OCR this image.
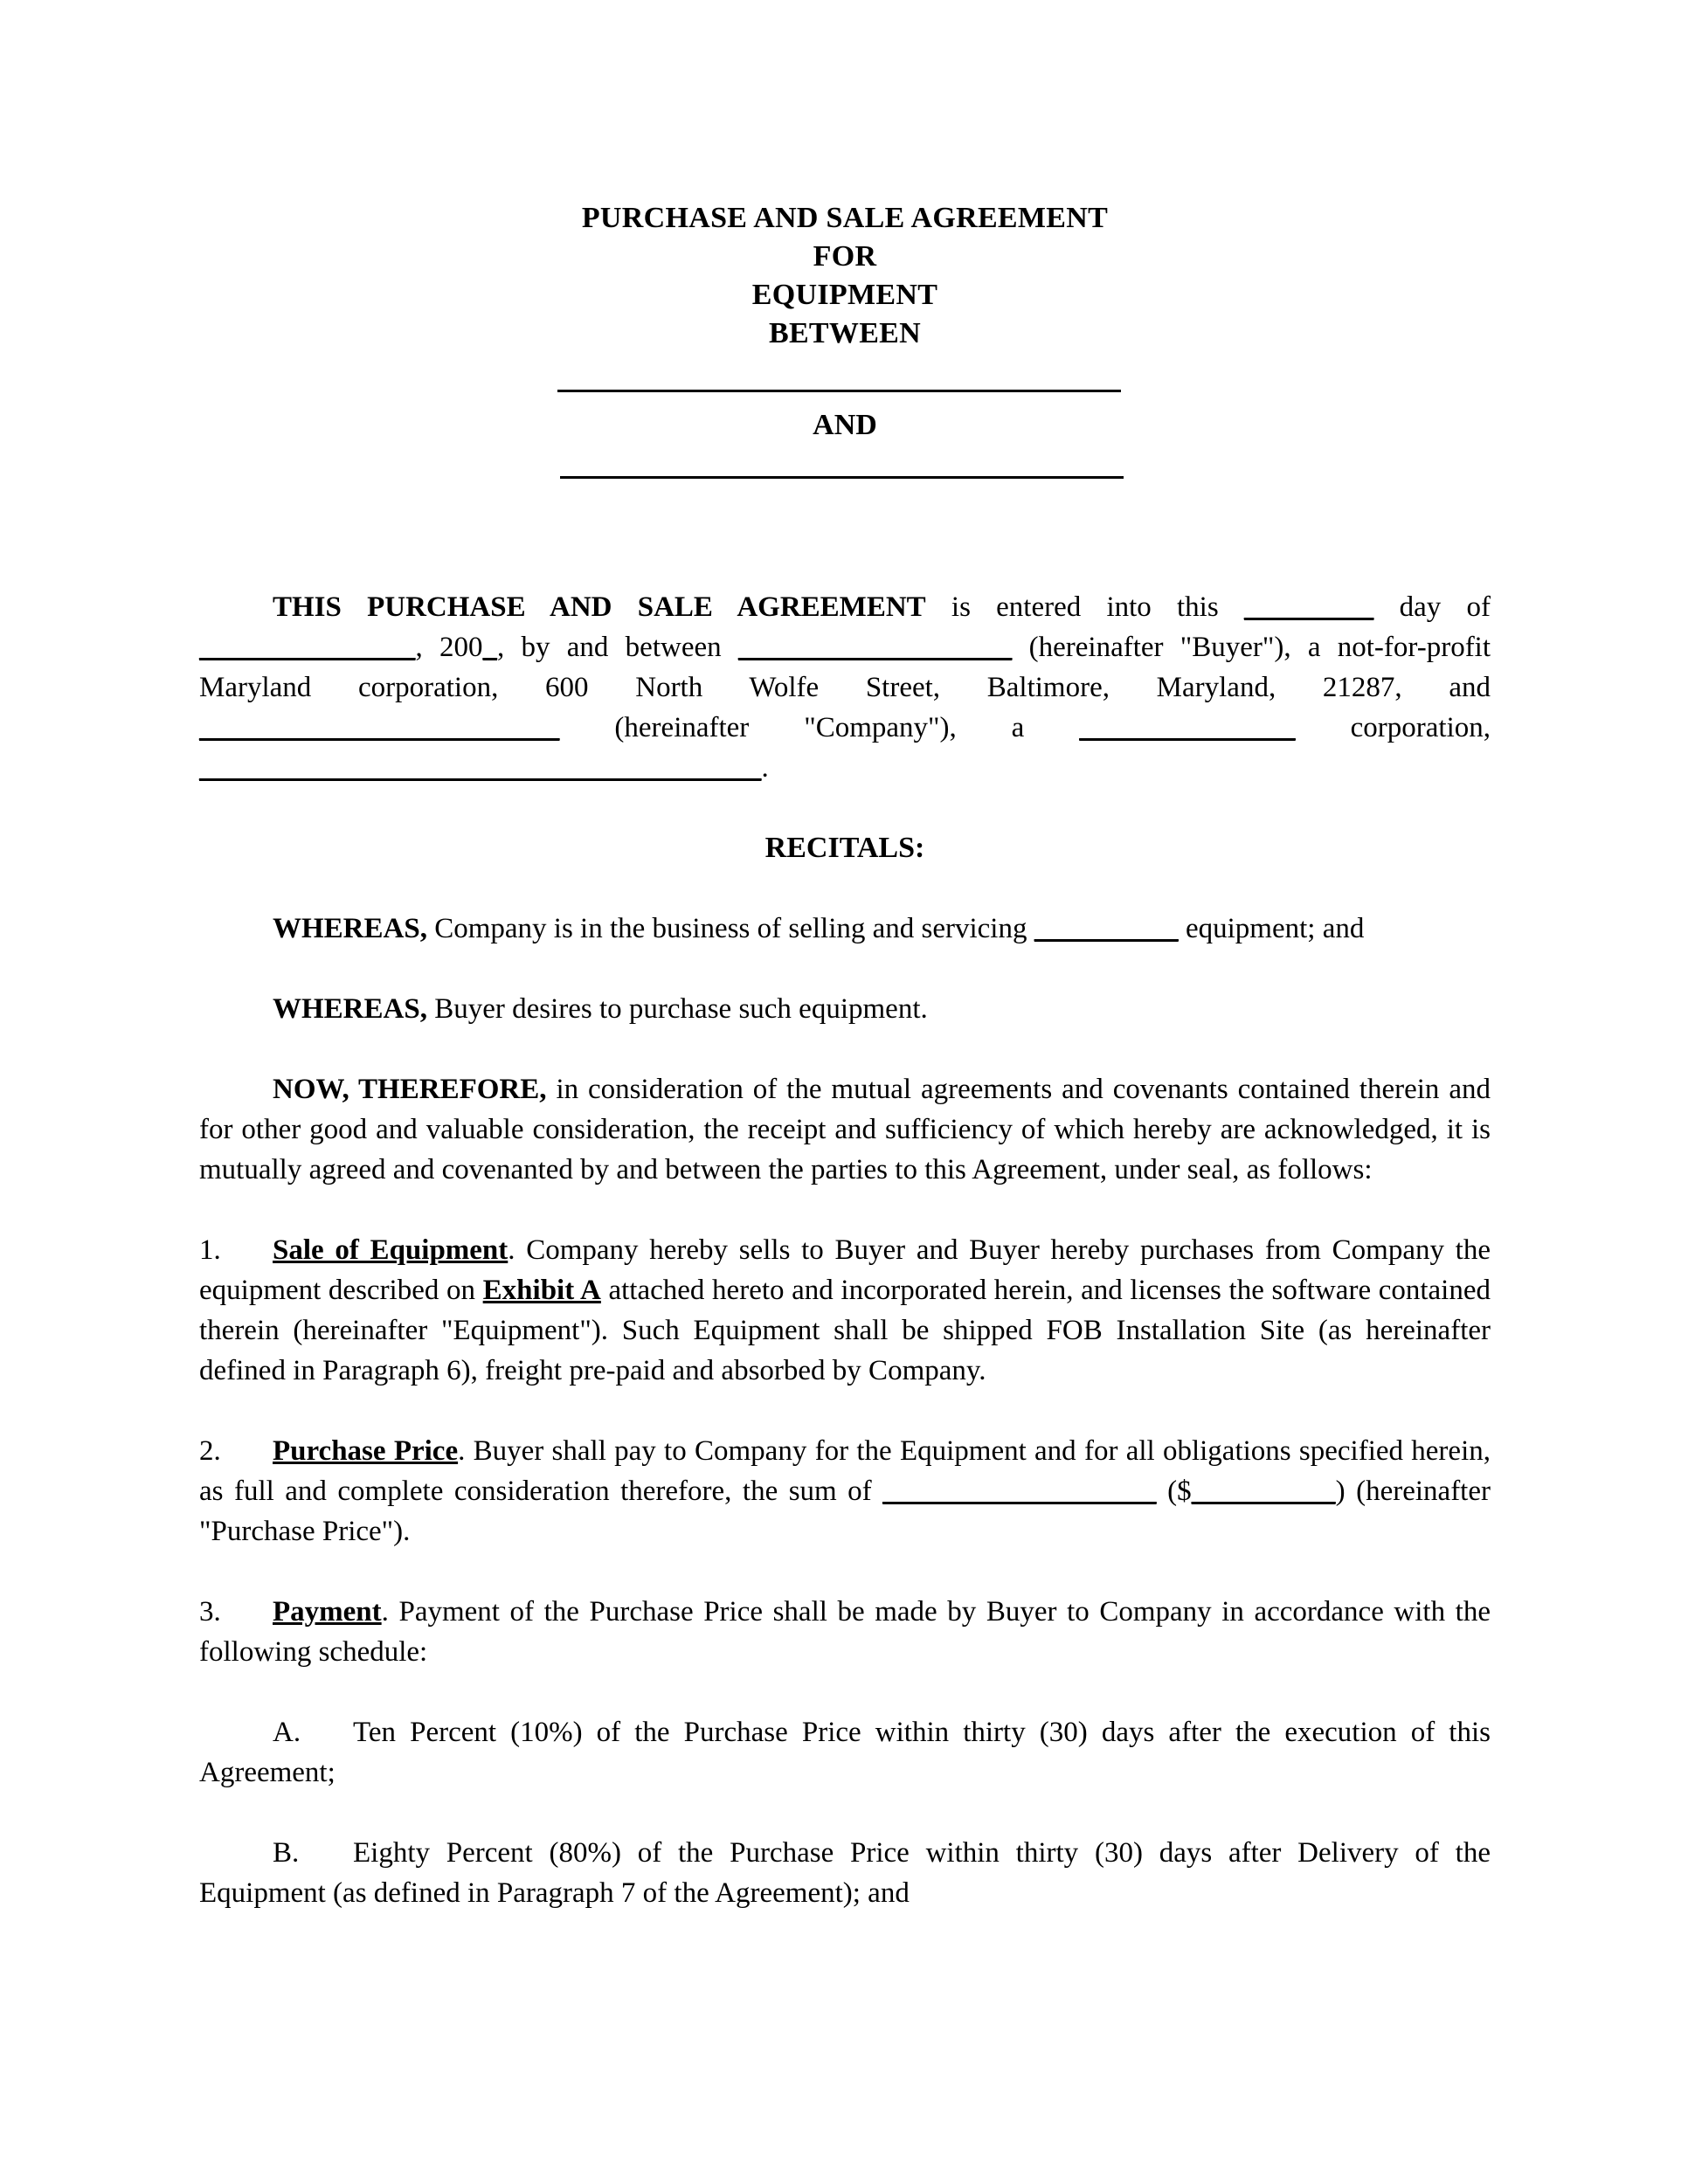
PURCHASE AND SALE AGREEMENT
FOR
EQUIPMENT
BETWEEN
AND

THIS PURCHASE AND SALE AGREEMENT is entered into this _________ day of _______________, 200_, by and between ___________________ (hereinafter "Buyer"), a not-for-profit Maryland corporation, 600 North Wolfe Street, Baltimore, Maryland, 21287, and _________________________ (hereinafter "Company"), a _______________ corporation, _______________________________________.

RECITALS:

WHEREAS, Company is in the business of selling and servicing __________ equipment; and

WHEREAS, Buyer desires to purchase such equipment.

NOW, THEREFORE, in consideration of the mutual agreements and covenants contained therein and for other good and valuable consideration, the receipt and sufficiency of which hereby are acknowledged, it is mutually agreed and covenanted by and between the parties to this Agreement, under seal, as follows:

1. Sale of Equipment. Company hereby sells to Buyer and Buyer hereby purchases from Company the equipment described on Exhibit A attached hereto and incorporated herein, and licenses the software contained therein (hereinafter "Equipment"). Such Equipment shall be shipped FOB Installation Site (as hereinafter defined in Paragraph 6), freight pre-paid and absorbed by Company.

2. Purchase Price. Buyer shall pay to Company for the Equipment and for all obligations specified herein, as full and complete consideration therefore, the sum of ___________________ ($__________) (hereinafter "Purchase Price").

3. Payment. Payment of the Purchase Price shall be made by Buyer to Company in accordance with the following schedule:

A. Ten Percent (10%) of the Purchase Price within thirty (30) days after the execution of this Agreement;

B. Eighty Percent (80%) of the Purchase Price within thirty (30) days after Delivery of the Equipment (as defined in Paragraph 7 of the Agreement); and
